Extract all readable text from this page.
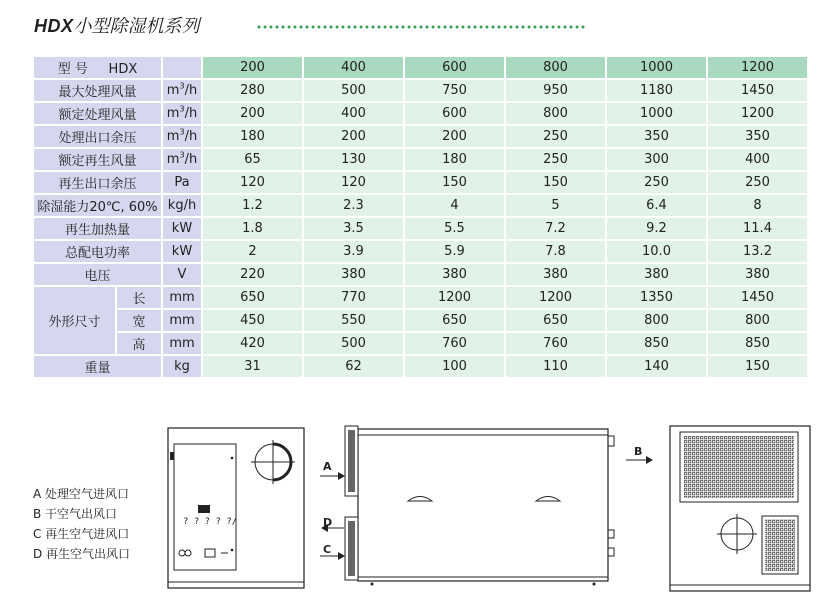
HDX小型除湿机系列
型 号 HDX			200	400	600	800	1000	1200
最大处理风量		$m^3/h$	280	500	750	950	1180	1450
额定处理风量		$m^3/h$	200	400	600	800	1000	1200
处理出口余压		$m^3/h$	180	200	200	250	350	350
额定再生风量		$m^3/h$	65	130	180	250	300	400
再生出口余压		Pa	120	120	150	150	250	250
除湿能力20℃, 60%		kg/h	1.2	2.3	4	5	6.4	8
再生加热量		kW	1.8	3.5	5.5	7.2	9.2	11.4
总配电功率		kW	2	3.9	5.9	7.8	10.0	13.2
电压		V	220	380	380	380	380	380
外形尺寸	长	mm	650	770	1200	1200	1350	1450
	宽	mm	450	550	650	650	800	800
	高	mm	420	500	760	760	850	850
重量		kg	31	62	100	110	140	150
? ? ? ? ?/
A
D
C
B
A 处理空气进风口
B 干空气出风口
C 再生空气进风口
D 再生空气出风口
